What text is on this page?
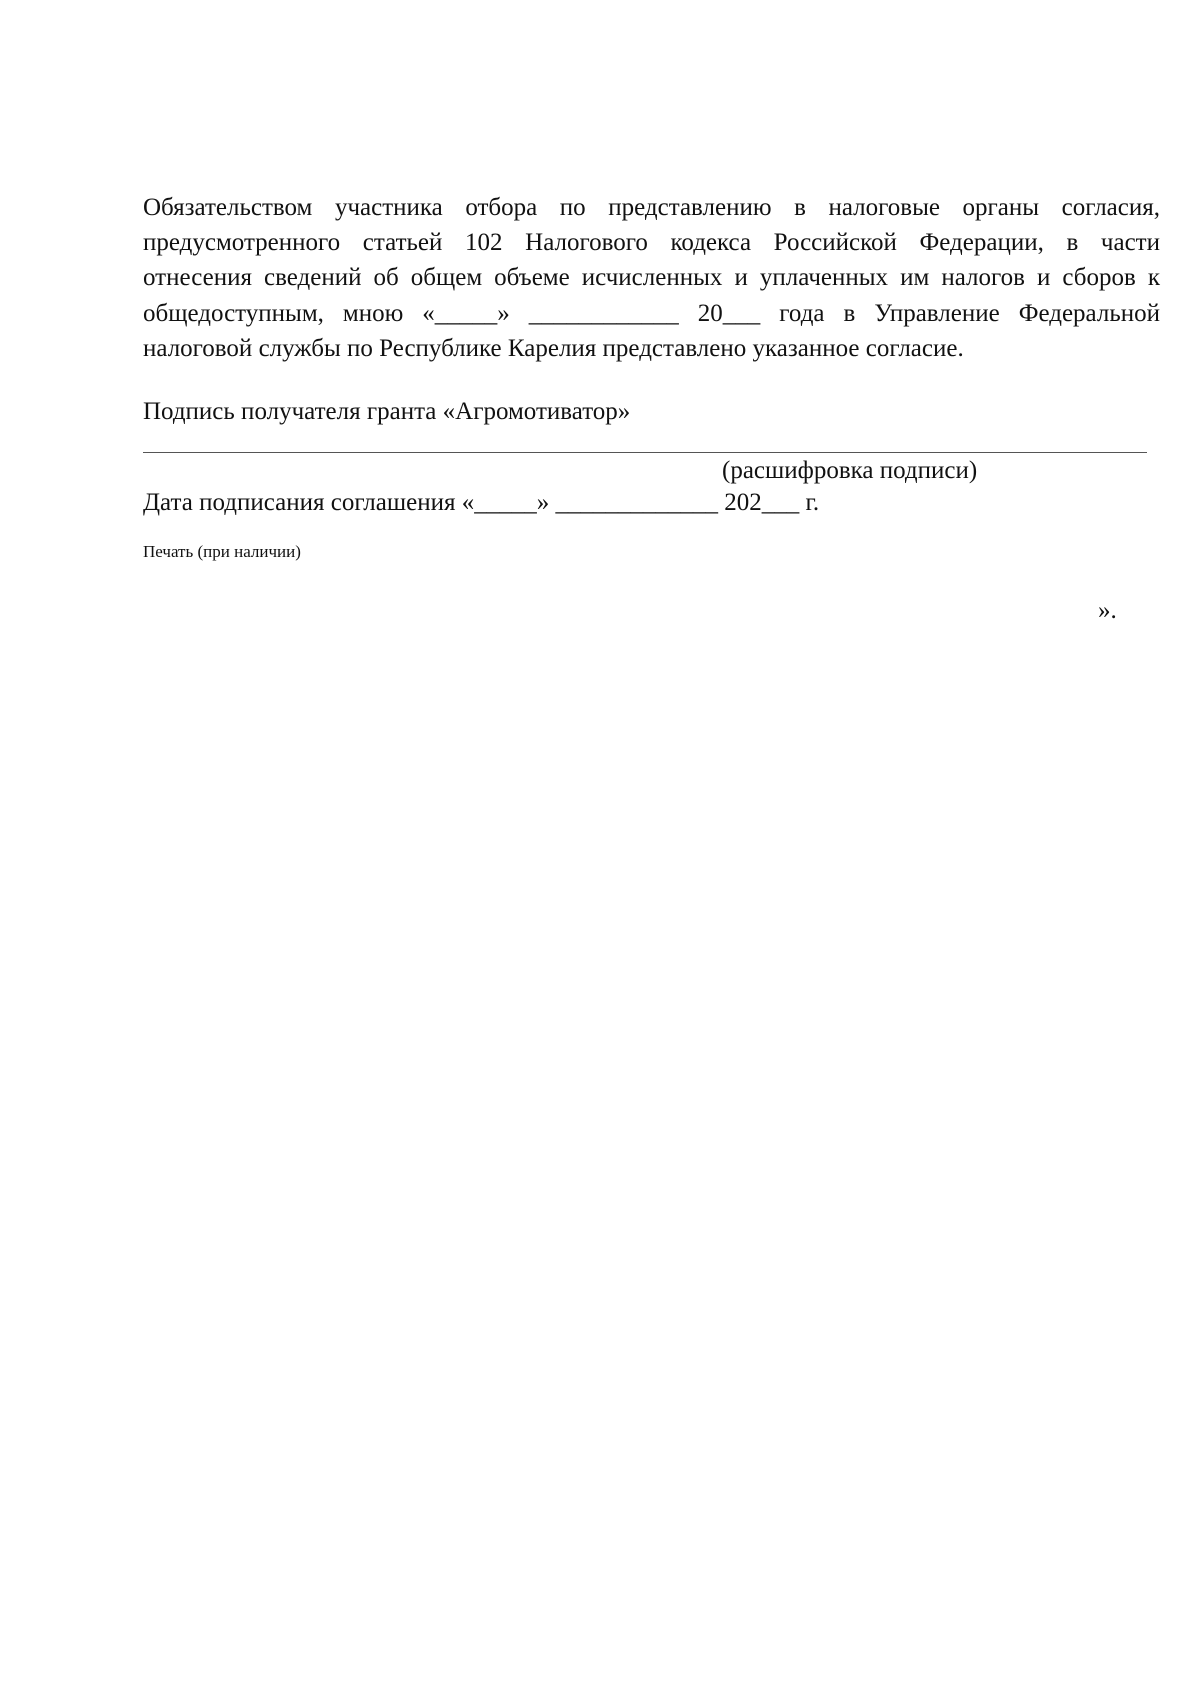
Обязательством участника отбора по представлению в налоговые органы согласия,
предусмотренного статьей 102 Налогового кодекса Российской Федерации, в части
отнесения сведений об общем объеме исчисленных и уплаченных им налогов и сборов к
общедоступным, мною «_____» ____________ 20___ года в Управление Федеральной
налоговой службы по Республике Карелия представлено указанное согласие.
Подпись получателя гранта «Агромотиватор»
(расшифровка подписи)
Дата подписания соглашения «_____» _____________ 202___ г.
Печать (при наличии)
».
